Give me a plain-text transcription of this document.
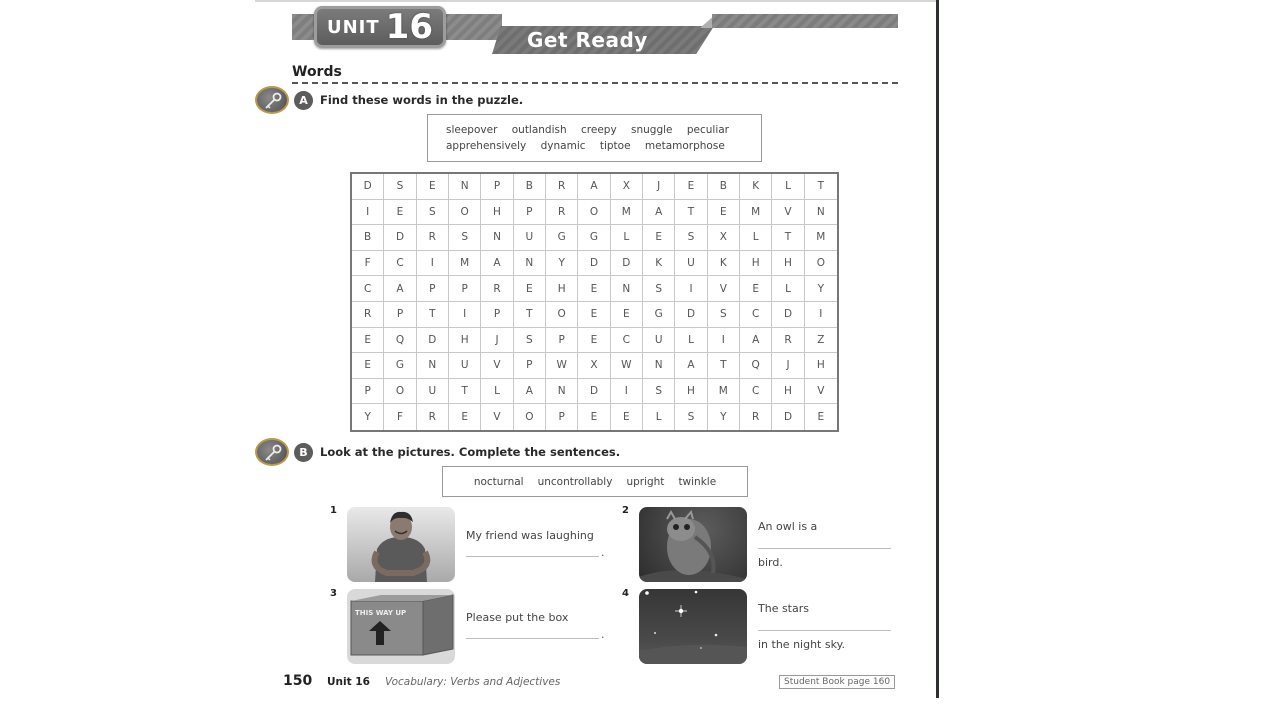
UNIT 16	Get Ready
Words
A	Find these words in the puzzle.
sleepover outlandish creepy snuggle peculiar
apprehensively dynamic tiptoe metamorphose
D	S	E	N	P	B	R	A	X	J	E	B	K	L	T
I	E	S	O	H	P	R	O	M	A	T	E	M	V	N
B	D	R	S	N	U	G	G	L	E	S	X	L	T	M
F	C	I	M	A	N	Y	D	D	K	U	K	H	H	O
C	A	P	P	R	E	H	E	N	S	I	V	E	L	Y
R	P	T	I	P	T	O	E	E	G	D	S	C	D	I
E	Q	D	H	J	S	P	E	C	U	L	I	A	R	Z
E	G	N	U	V	P	W	X	W	N	A	T	Q	J	H
P	O	U	T	L	A	N	D	I	S	H	M	C	H	V
Y	F	R	E	V	O	P	E	E	L	S	Y	R	D	E
B	Look at the pictures. Complete the sentences.
nocturnal uncontrollably upright twinkle
1
My friend was laughing
.
2
An owl is a
bird.
3
THIS WAY UP	Please put the box
.
4
The stars
in the night sky.
150 Unit 16 Vocabulary: Verbs and Adjectives	Student Book page 160
